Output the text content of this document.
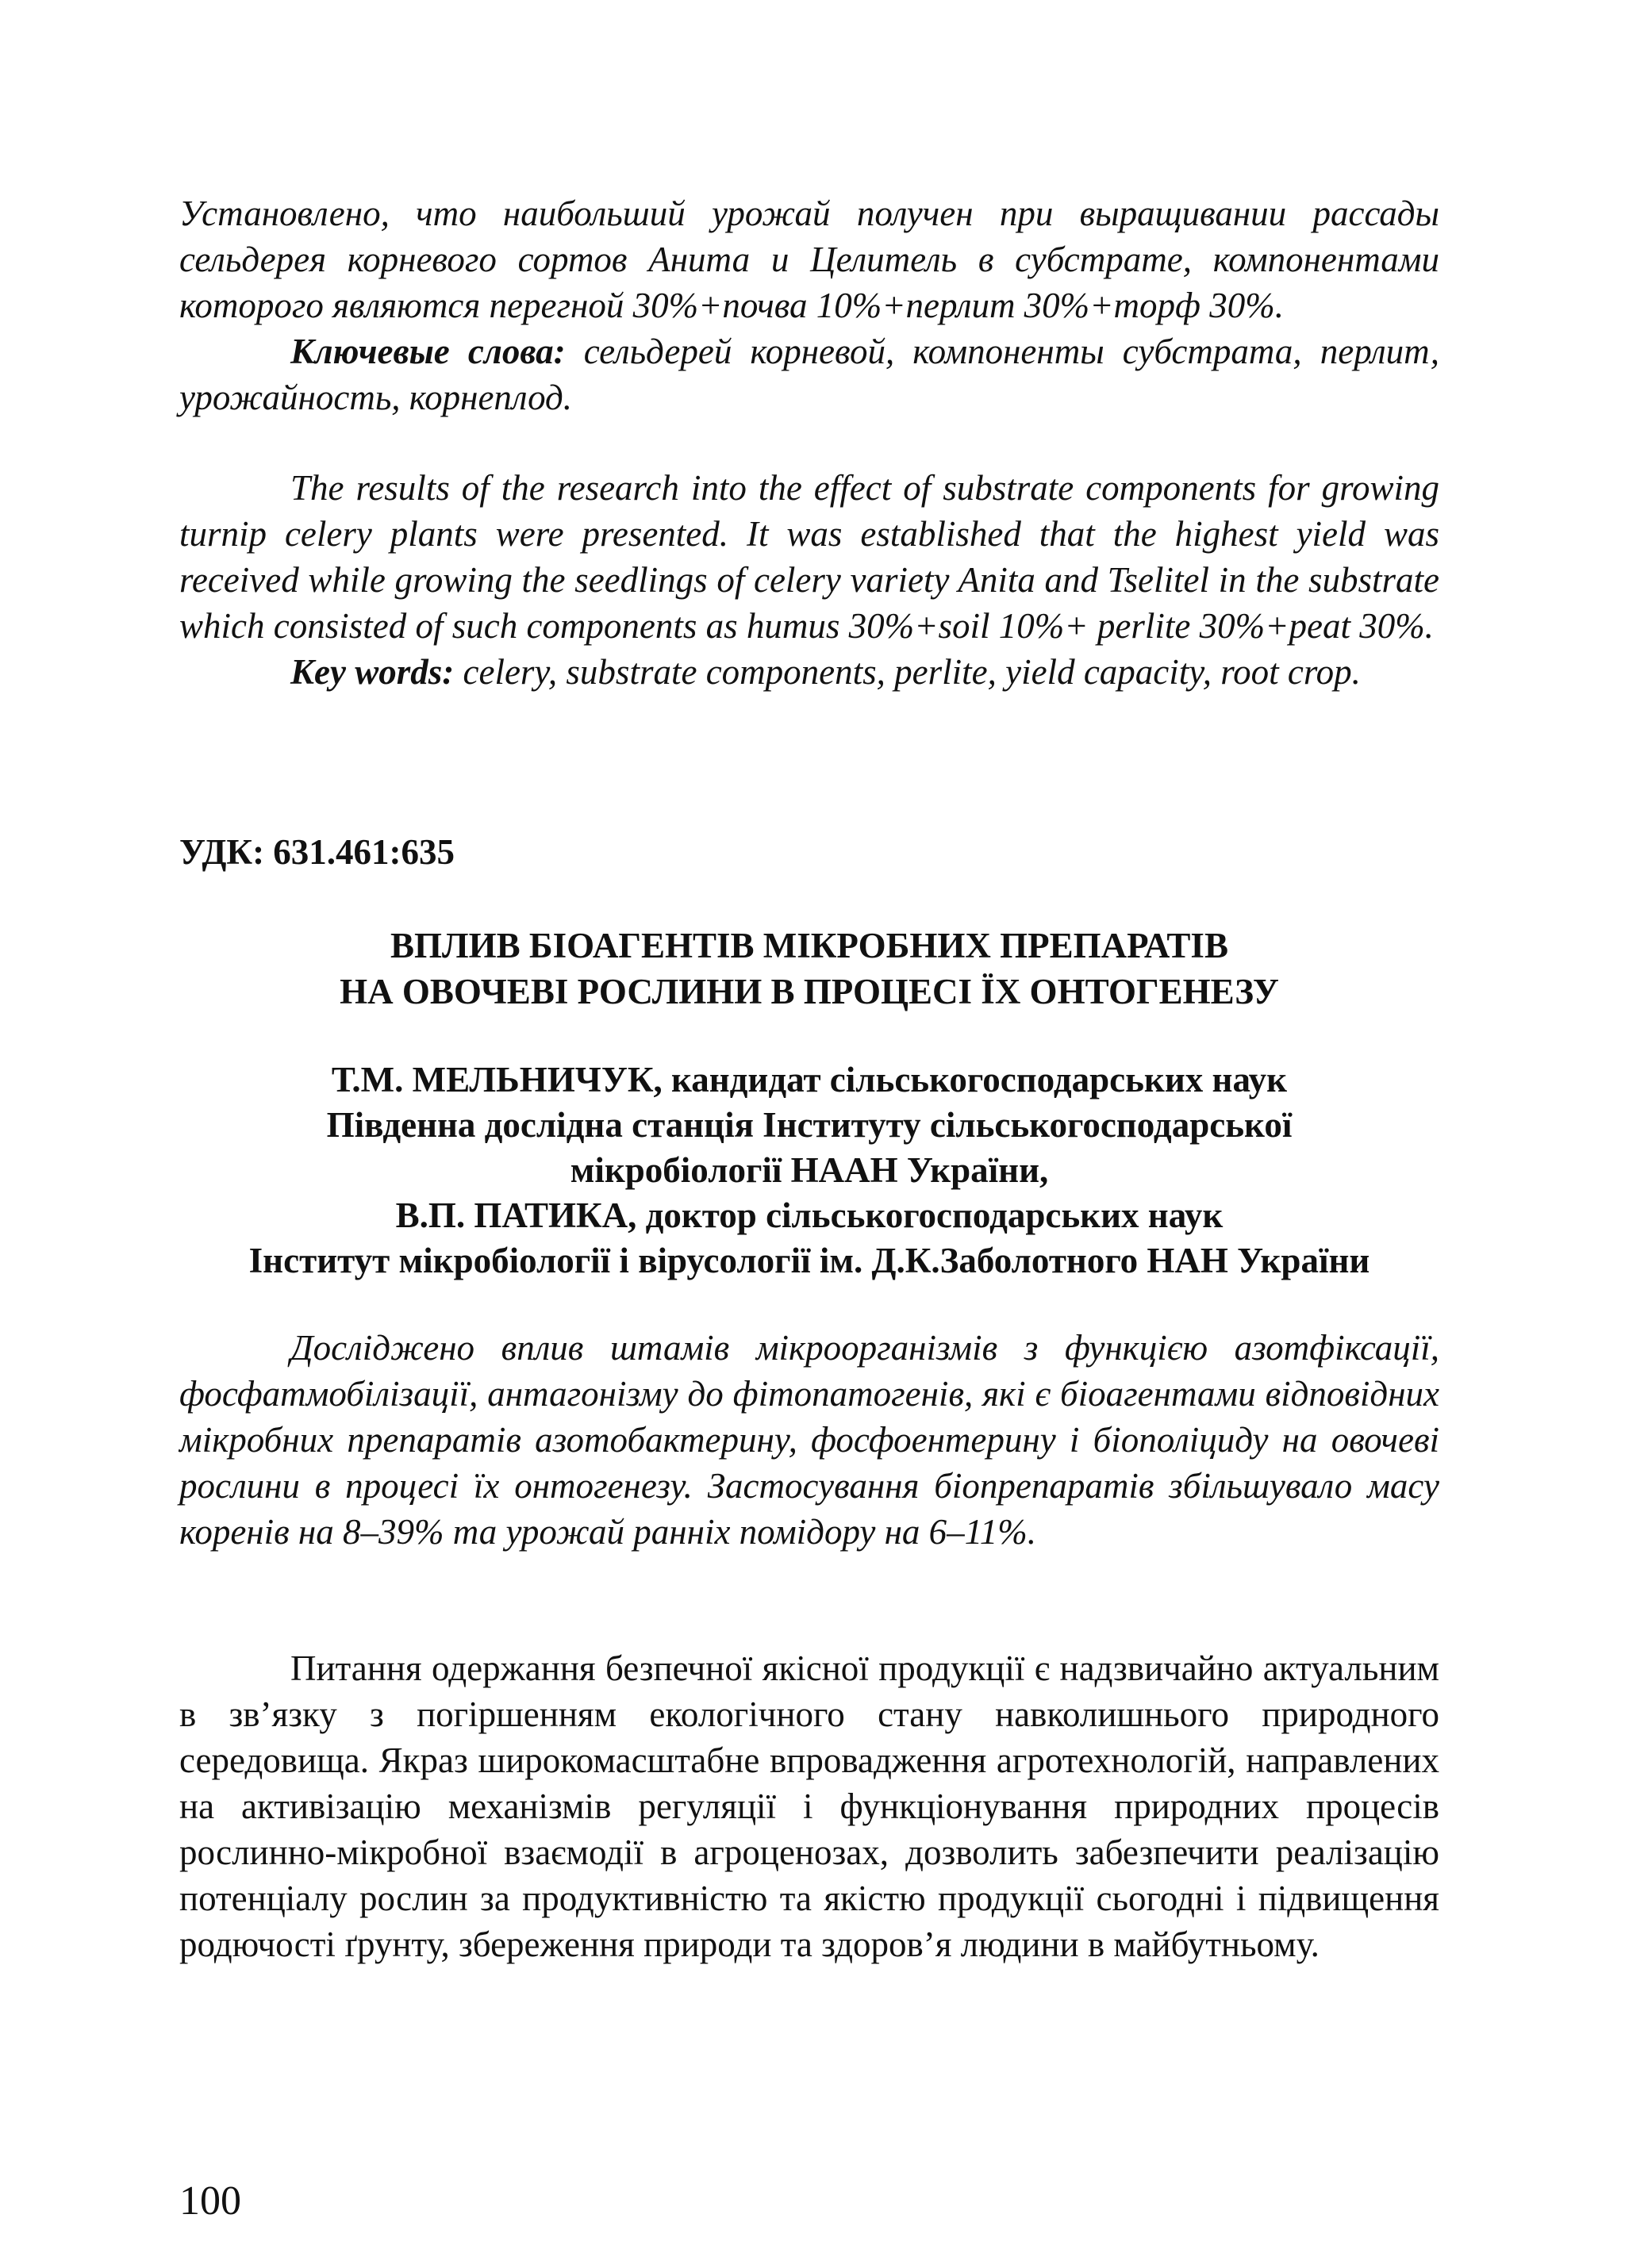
Установлено, что наибольший урожай получен при выращивании рассады сельдерея корневого сортов Анита и Целитель в субстрате, компонентами которого являются перегной 30%+почва 10%+перлит 30%+торф 30%.

Ключевые слова: сельдерей корневой, компоненты субстрата, перлит, урожайность, корнеплод.

The results of the research into the effect of substrate components for growing turnip celery plants were presented. It was established that the highest yield was received while growing the seedlings of celery variety Anita and Tselitel in the substrate which consisted of such components as humus 30%+soil 10%+ perlite 30%+peat 30%.

Key words: celery, substrate components, perlite, yield capacity, root crop.

УДК: 631.461:635

ВПЛИВ БІОАГЕНТІВ МІКРОБНИХ ПРЕПАРАТІВ

НА ОВОЧЕВІ РОСЛИНИ В ПРОЦЕСІ ЇХ ОНТОГЕНЕЗУ

Т.М. МЕЛЬНИЧУК, кандидат сільськогосподарських наук

Південна дослідна станція Інституту сільськогосподарської

мікробіології НААН України,

В.П. ПАТИКА, доктор сільськогосподарських наук

Інститут мікробіології і вірусології ім. Д.К.Заболотного НАН України

Досліджено вплив штамів мікроорганізмів з функцією азотфіксації, фосфатмобілізації, антагонізму до фітопатогенів, які є біоагентами відповідних мікробних препаратів азотобактерину, фосфоентерину і біополіциду на овочеві рослини в процесі їх онтогенезу. Застосування біопрепаратів збільшувало масу коренів на 8–39% та урожай ранніх помідору на 6–11%.

Питання одержання безпечної якісної продукції є надзвичайно актуальним в зв’язку з погіршенням екологічного стану навколишнього природного середовища. Якраз широкомасштабне впровадження агротехнологій, направлених на активізацію механізмів регуляції і функціонування природних процесів рослинно-мікробної взаємодії в агроценозах, дозволить забезпечити реалізацію потенціалу рослин за продуктивністю та якістю продукції сьогодні і підвищення родючості ґрунту, збереження природи та здоров’я людини в майбутньому.

100
